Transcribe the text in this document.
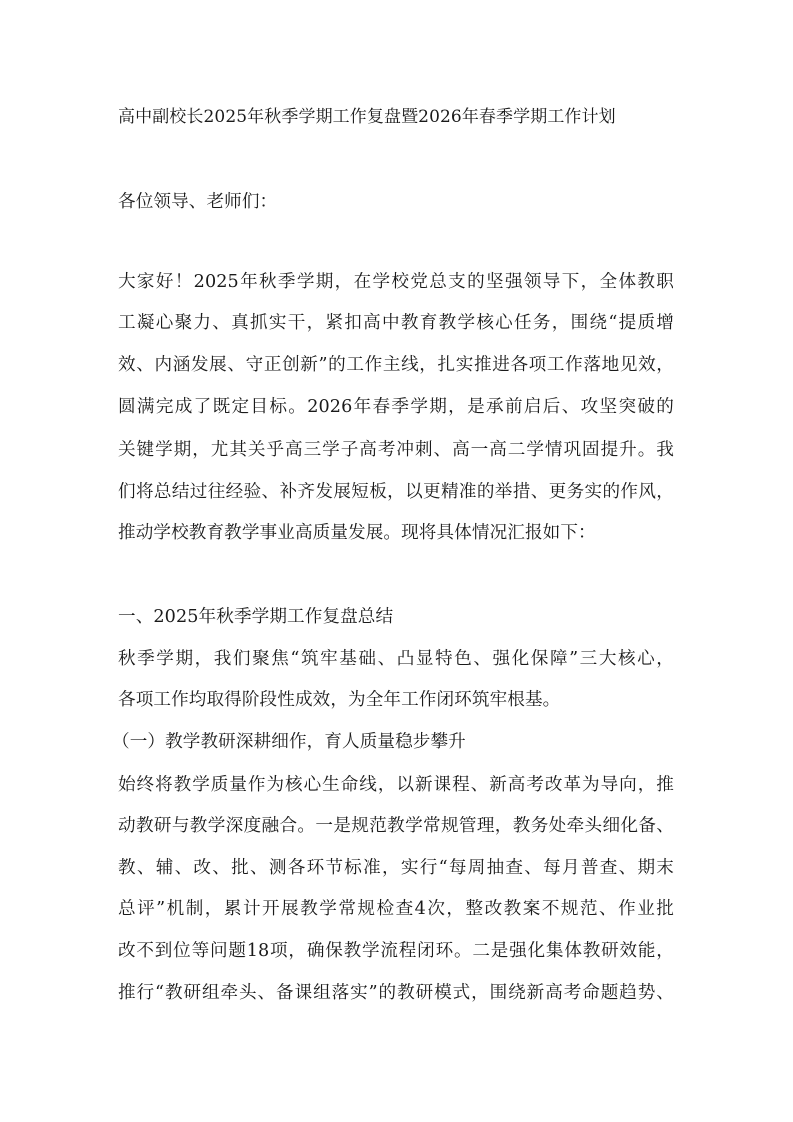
高中副校长2025年秋季学期工作复盘暨2026年春季学期工作计划
各位领导、老师们：
大家好！2025年秋季学期，在学校党总支的坚强领导下，全体教职
工凝心聚力、真抓实干，紧扣高中教育教学核心任务，围绕“提质增
效、内涵发展、守正创新”的工作主线，扎实推进各项工作落地见效，
圆满完成了既定目标。2026年春季学期，是承前启后、攻坚突破的
关键学期，尤其关乎高三学子高考冲刺、高一高二学情巩固提升。我
们将总结过往经验、补齐发展短板，以更精准的举措、更务实的作风，
推动学校教育教学事业高质量发展。现将具体情况汇报如下：
一、2025年秋季学期工作复盘总结
秋季学期，我们聚焦“筑牢基础、凸显特色、强化保障”三大核心，
各项工作均取得阶段性成效，为全年工作闭环筑牢根基。
（一）教学教研深耕细作，育人质量稳步攀升
始终将教学质量作为核心生命线，以新课程、新高考改革为导向，推
动教研与教学深度融合。一是规范教学常规管理，教务处牵头细化备、
教、辅、改、批、测各环节标准，实行“每周抽查、每月普查、期末
总评”机制，累计开展教学常规检查4次，整改教案不规范、作业批
改不到位等问题18项，确保教学流程闭环。二是强化集体教研效能，
推行“教研组牵头、备课组落实”的教研模式，围绕新高考命题趋势、
